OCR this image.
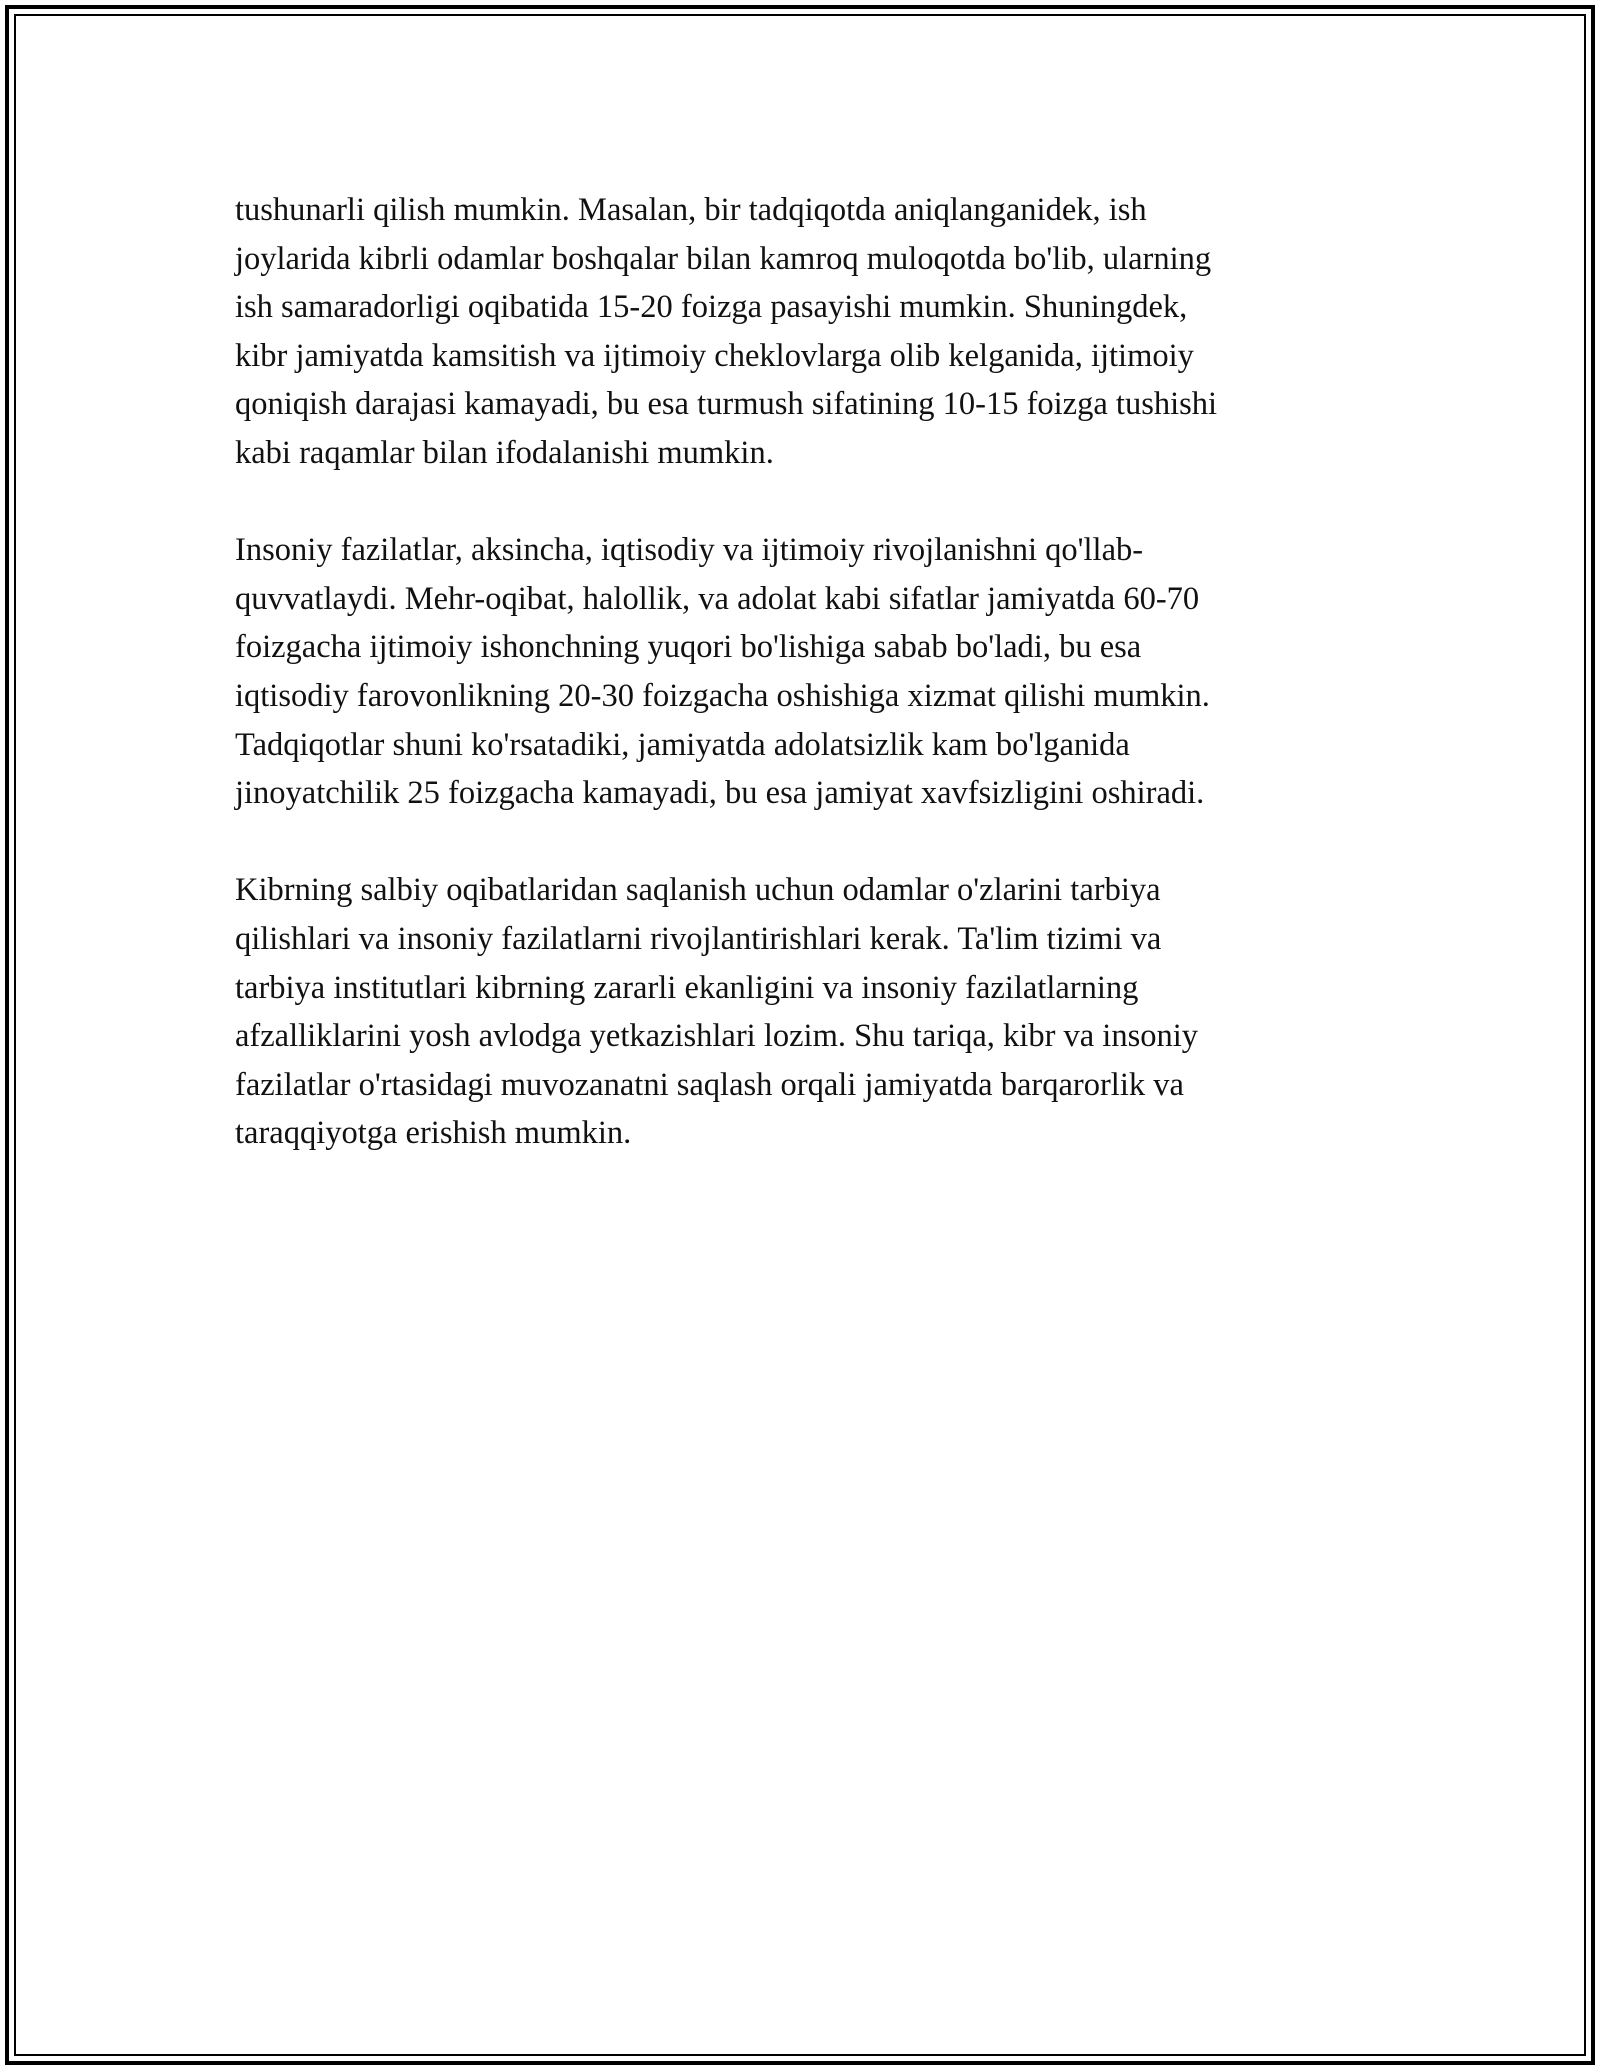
tushunarli qilish mumkin. Masalan, bir tadqiqotda aniqlanganidek, ish
joylarida kibrli odamlar boshqalar bilan kamroq muloqotda bo'lib, ularning
ish samaradorligi oqibatida 15-20 foizga pasayishi mumkin. Shuningdek,
kibr jamiyatda kamsitish va ijtimoiy cheklovlarga olib kelganida, ijtimoiy
qoniqish darajasi kamayadi, bu esa turmush sifatining 10-15 foizga tushishi
kabi raqamlar bilan ifodalanishi mumkin.

Insoniy fazilatlar, aksincha, iqtisodiy va ijtimoiy rivojlanishni qo'llab-
quvvatlaydi. Mehr-oqibat, halollik, va adolat kabi sifatlar jamiyatda 60-70
foizgacha ijtimoiy ishonchning yuqori bo'lishiga sabab bo'ladi, bu esa
iqtisodiy farovonlikning 20-30 foizgacha oshishiga xizmat qilishi mumkin.
Tadqiqotlar shuni ko'rsatadiki, jamiyatda adolatsizlik kam bo'lganida
jinoyatchilik 25 foizgacha kamayadi, bu esa jamiyat xavfsizligini oshiradi.

Kibrning salbiy oqibatlaridan saqlanish uchun odamlar o'zlarini tarbiya
qilishlari va insoniy fazilatlarni rivojlantirishlari kerak. Ta'lim tizimi va
tarbiya institutlari kibrning zararli ekanligini va insoniy fazilatlarning
afzalliklarini yosh avlodga yetkazishlari lozim. Shu tariqa, kibr va insoniy
fazilatlar o'rtasidagi muvozanatni saqlash orqali jamiyatda barqarorlik va
taraqqiyotga erishish mumkin.
